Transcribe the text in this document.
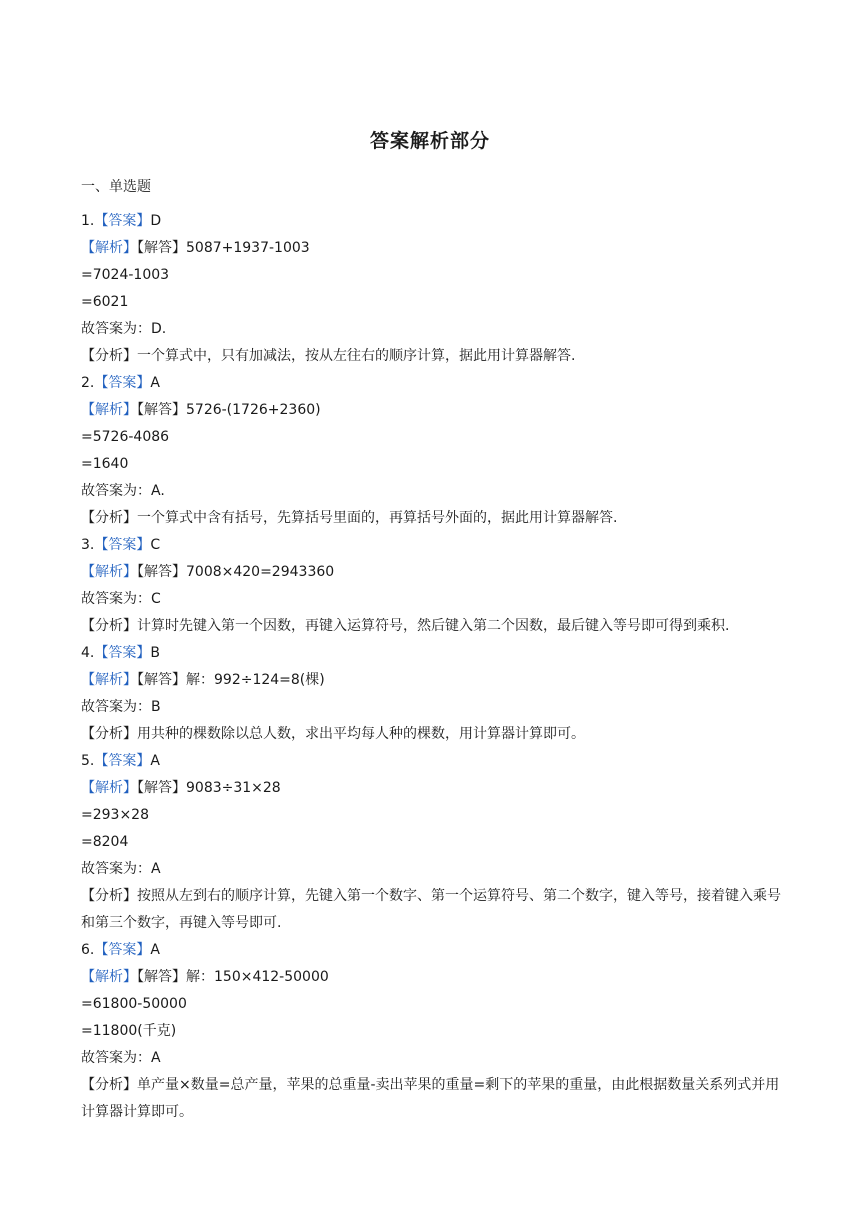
答案解析部分
一、单选题
1.【答案】D
【解析】【解答】5087+1937-1003
=7024-1003
=6021
故答案为：D.
【分析】一个算式中，只有加减法，按从左往右的顺序计算，据此用计算器解答.
2.【答案】A
【解析】【解答】5726-(1726+2360)
=5726-4086
=1640
故答案为：A.
【分析】一个算式中含有括号，先算括号里面的，再算括号外面的，据此用计算器解答.
3.【答案】C
【解析】【解答】7008×420=2943360
故答案为：C
【分析】计算时先键入第一个因数，再键入运算符号，然后键入第二个因数，最后键入等号即可得到乘积.
4.【答案】B
【解析】【解答】解：992÷124=8(棵)
故答案为：B
【分析】用共种的棵数除以总人数，求出平均每人种的棵数，用计算器计算即可。
5.【答案】A
【解析】【解答】9083÷31×28
=293×28
=8204
故答案为：A
【分析】按照从左到右的顺序计算，先键入第一个数字、第一个运算符号、第二个数字，键入等号，接着键入乘号和第三个数字，再键入等号即可.
6.【答案】A
【解析】【解答】解：150×412-50000
=61800-50000
=11800(千克)
故答案为：A
【分析】单产量×数量=总产量，苹果的总重量-卖出苹果的重量=剩下的苹果的重量，由此根据数量关系列式并用计算器计算即可。
